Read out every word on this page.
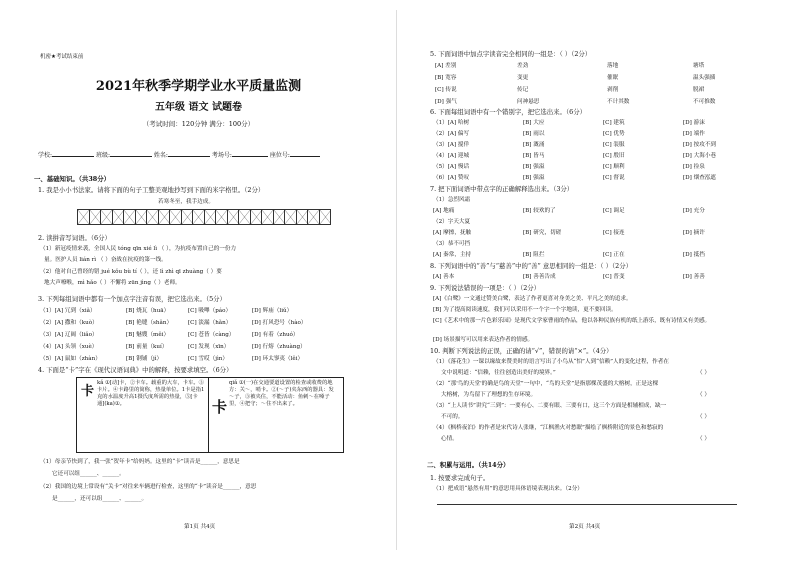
机密★考试结束前
2021年秋季学期学业水平质量监测
五年级 语文 试题卷
（考试时间：120分钟 满分：100分）
学校:	班级:	姓名:	考场号:	座位号:
一、基础知识。（共38分）
1. 我是小小书法家。请将下面的句子工整美观地抄写到下面的米字格里。（2分）
若寒冬至，我手边成。
2. 读拼音写词语。（6分）
（1）新冠疫情来袭，全国人民 tóng qīn xié lì （ ），为抗疫布置自己的一份力
量。医护人员 lián rì （ ）奋战在抗疫的第一线。
（2）他对自己曾经的错 jué kǒu bù tí（ ），还 lì zhì qī zhuàng（ ）要
地大声嘹喉，mì hǎo（ ）不懈将 zūn jìng（ ）老师。
3. 下列每组词语中都有一个加点字注音有误，把它选出来。（5分）
（1）[A] 冗到（xiǎ）	[B] 烧瓦（huā）	[C] 吸嗶（páo）	[D] 辉庙（liǔ）
（2）[A] 撒和（kuò）	[B] 艳缝（shǎn）	[C] 淡漏（hǎn）	[D] 打风恐号（hào）
（3）[A] 辽阔（liǎo）	[B] 魅嫂（měi）	[C] 苍皆（càng）	[D] 有着（zhuó）
（4）[A] 头领（xuè）	[B] 前量（kuí）	[C] 发现（xīn）	[D] 行熔（zhuàng）
（5）[A] 鼠如（zhàn）	[B] 钢铺（jì）	[C] 雪哎（jìn）	[D] 环太寥夷（lěi）
4. 下面是“卡”字在《现代汉语词典》中的解释，按要求填空。（6分）
卡
kǎ ①[动]卡，②卡车。载重的大车，卡车。③卡片。④卡路里的简称，热量单位。1卡是指1克的水温度升高1摄氏度所需的热量，⑤[卡通](ka)①。	卡
qiǎ ①(一)在交通要道设置的检查或收费的地方：关～，哨卡。②(～子)夹东西的器具：发～子，③被夹住，不能活动：鱼刺～在嗓子里，④把守；～住不出来了。
（1）母亲节快到了，我一张“贺年卡”给妈妈。这里的“卡”读音是______，意思是
它还可以组______、______。
（2）我国的边境上常设有“关卡”对往来车辆进行检查，这里的“卡”读音是______，意思
是______，还可以组______、______。
第1页 共4页
5. 下面词语中加点字读音完全相同的一组是：（ ）（2分）
[A] 差别	差劲	落地	塘塔
[B] 宽容	变更	催眠	温头强插
[C] 传说	传记	剥削	脱裙
[D] 强气	问神悬思	不计其数	不可推数
6. 下面每组词语中有一个错别字，把它选出来。（6分）
（1）[A] 哈树	[B] 大应	[C] 建筑	[D] 游沫
（2）[A] 偏写	[B] 雨以	[C] 优势	[D] 端作
（3）[A] 搅佯	[B] 溉涌	[C] 装服	[D] 按攻不到
（4）[A] 迎城	[B] 皆马	[C] 殷旧	[D] 大海小巷
（5）[A] 慢话	[B] 强溢	[C] 顺利	[D] 捡泉
（6）[A] 赞叹	[B] 强溢	[C] 督说	[D] 烟查泓遮
7. 把下面词语中带点字的正确解释选出来。（3分）
（1）急烈风霜
[A] 地痛	[B] 较欢的了	[C] 调足	[D] 充分
（2）字天大夏
[A] 摩擦，抚触	[B] 研究，切磋	[C] 接连	[D] 摘许
（3）恭不可挡
[A] 秦常，主持	[B] 阻拦	[C] 正在	[D] 抵挡
8. 下列词语中的“善”与“慈善”中的“善” 意思相同的一组是：（ ）（2分）
[A] 善本	[B] 善善告成	[C] 普变	[D] 善善
9. 下列说法错误的一项是：（ ）（2分）
[A]《白鹭》一文通过赞美白鹭，表达了作者更喜对身美之美、平凡之美的追求。
[B] 为了提高阅读速度，我们可以采用不一个字一个字地读，更不要回读。
[C]《艺术中的那一片色彩乐园》是现代文学家曹雨的作品，他以各种民族有机的纸上游乐，既有诗情又有美感。
[D] 场景描写可以用来表达作者的情感。
10. 判断下列说法的正误，正确的请“√”，错误的请“×”。（4分）
（1）《落花生》一课以缘故来赞美时的语言写出了小鸟从“怕”人到“信赖”人的变化过程，作者在
文中说明道：“信赖，往往创造出美好的境界。”	（ ）
（2）“那'鸟的天堂'的确是鸟的天堂”一句中，“鸟的天堂”是指那棵茂盛的大榕树，正是这棵
大榕树，为鸟留下了理想的生存环境。	（ ）
（3）“上人读书”讲究“三到”：一要有心、二要有眼、三要有口，这三个方面是相辅相成，缺一
不可的。	（ ）
（4）《枫桥夜泊》的作者是宋代诗人张继，“江枫渔火对愁眠”描绘了枫桥附近的景色和愁寂的
心情。	（ ）
二、积累与运用。（共14分）
1. 按要求完成句子。
（1）把成语“悬然有用”的意思用具体语境表现出来。（2分）
第2页 共4页
